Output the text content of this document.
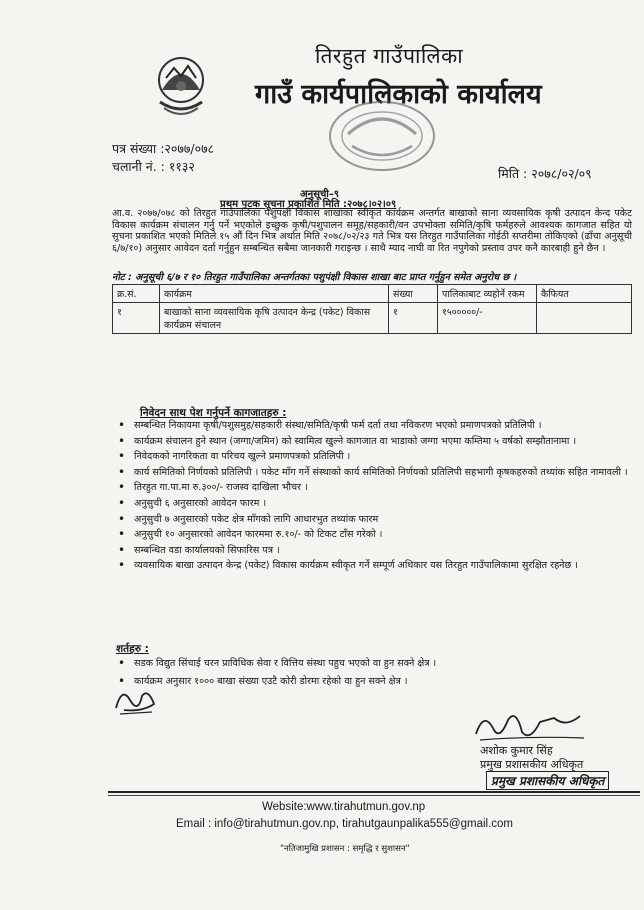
तिरहुत गाउँपालिका
गाउँ कार्यपालिकाको कार्यालय
पत्र संख्या :२०७७/०७८
चलानी नं. : ११३२	मिति : २०७८/०२/०९
अनुसूची–९
प्रथम पटक सूचना प्रकाशित मिति :२०७८।०२।०९
आ.व. २०७७/०७८ को तिरहुत गाउँपालिका पशुपंक्षी विकास शाखाका स्वीकृत कार्यक्रम अन्तर्गत बाखाको साना व्यवसायिक कृषी उत्पादन केन्द पकेट विकास कार्यक्रम संचालन गर्नु पर्ने भएकोले इच्छुक कृषी/पशुपालन समूह/सहकारी/वन उपभोक्ता समिति/कृषि फर्महरुले आवश्यक कागजात सहित यो सुचना प्रकाशित भएको मितिले १५ औं दिन भित्र अर्थात मिति २०७८/०२/२३ गते भित्र यस तिरहुत गाउँपालिका गोईठी सप्तरीमा तोकिएको (ढाँचा अनुसूची ६/७/१०) अनुसार आवेदन दर्ता गर्नुहुन सम्बन्धित सबैमा जानकारी गराइन्छ । साथै म्याद नाघी वा रित नपुगेको प्रस्ताव उपर कनै कारबाही हुने छैन ।
नोट : अनुसूची ६/७ र १० तिरहुत गाउँपालिका अन्तर्गतका पशुपंक्षी विकास शाखा बाट प्राप्त गर्नुहुन समेत अनुरोध छ ।
क्र.सं.	कार्यक्रम	संख्या	पालिकाबाट व्यहोर्ने रकम	कैफियत
१	बाखाको साना व्यवसायिक कृषि उत्पादन केन्द्र (पकेट) विकास कार्यक्रम संचालन	१	१५०००००/-	
निवेदन साथ पेश गर्नुपर्ने कागजातहरु :
• सम्बन्धित निकायमा कृषी/पशुसमुह/सहकारी संस्था/समिति/कृषी फर्म दर्ता तथा नविकरण भएको प्रमाणपत्रको प्रतिलिपी ।
• कार्यक्रम संचालन हुने स्थान (जग्गा/जमिन) को स्वामित्व खुल्ने कागजात वा भाडाको जग्गा भएमा कम्तिमा ५ वर्षको सम्झौतानामा ।
• निवेदकको नागरिकता वा परिचय खुल्ने प्रमाणपत्रको प्रतिलिपी ।
• कार्य समितिको निर्णयको प्रतिलिपी । पकेट माँग गर्ने संस्थाको कार्य समितिको निर्णयको प्रतिलिपी सहभागी कृषकहरुको तथ्यांक सहित नामावली ।
• तिरहुत गा.पा.मा रु.३००/- राजस्व दाखिला भौचर ।
• अनुसुची ६ अनुसारको आवेदन फारम ।
• अनुसुची ७ अनुसारको पकेट क्षेत्र माँगको लागि आधारभुत तथ्यांक फारम
• अनुसुची १० अनुसारको आवेदन फारममा रु.१०/- को टिकट टाँस गरेको ।
• सम्बन्धित वडा कार्यालयको सिफारिस पत्र ।
• व्यवसायिक बाखा उत्पादन केन्द्र (पकेट) विकास कार्यक्रम स्वीकृत गर्ने सम्पूर्ण अधिकार यस तिरहुत गाउँपालिकामा सुरक्षित रहनेछ ।
शर्तहरु :
• सडक विद्युत सिंचाई चरन प्राविधिक सेवा र वित्तिय संस्था पहुच भएको वा हुन सक्ने क्षेत्र ।
• कार्यक्रम अनुसार १००० बाखा संख्या एउटै कोरी डोरमा रहेको वा हुन सक्ने क्षेत्र ।
अशोक कुमार सिंह
प्रमुख प्रशासकीय अधिकृत
प्रमुख प्रशासकीय अधिकृत
Website:www.tirahutmun.gov.np
Email : info@tirahutmun.gov.np, tirahutgaunpalika555@gmail.com
"नतिजामुखि प्रशासन : समृद्धि र सुशासन"
